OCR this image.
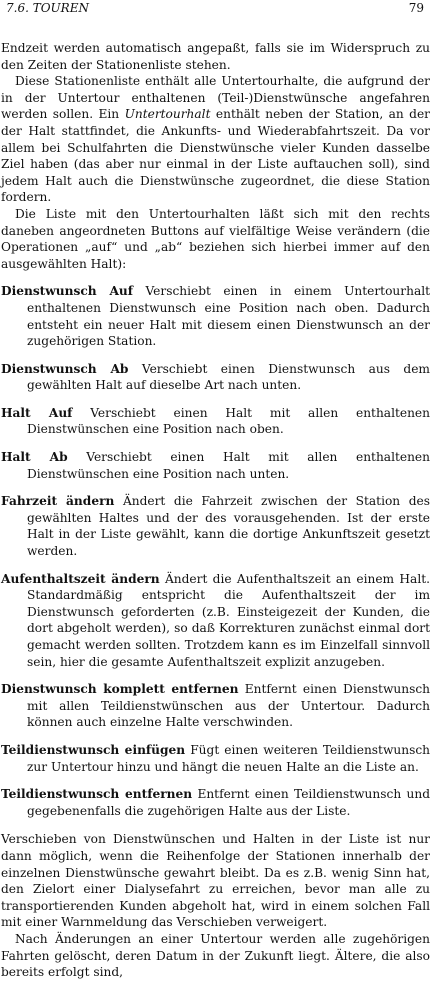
7.6. TOUREN	79

Endzeit werden automatisch angepaßt, falls sie im Widerspruch zu den Zeiten der Stationenliste stehen.

Diese Stationenliste enthält alle Untertourhalte, die aufgrund der in der Untertour enthaltenen (Teil-)Dienstwünsche angefahren werden sollen. Ein Untertourhalt enthält neben der Station, an der der Halt stattfindet, die Ankunfts- und Wiederabfahrtszeit. Da vor allem bei Schulfahrten die Dienstwünsche vieler Kunden dasselbe Ziel haben (das aber nur einmal in der Liste auftauchen soll), sind jedem Halt auch die Dienstwünsche zugeordnet, die diese Station fordern.

Die Liste mit den Untertourhalten läßt sich mit den rechts daneben angeordneten Buttons auf vielfältige Weise verändern (die Operationen „auf“ und „ab“ beziehen sich hierbei immer auf den ausgewählten Halt):

Dienstwunsch Auf Verschiebt einen in einem Untertourhalt enthaltenen Dienstwunsch eine Position nach oben. Dadurch entsteht ein neuer Halt mit diesem einen Dienstwunsch an der zugehörigen Station.

Dienstwunsch Ab Verschiebt einen Dienstwunsch aus dem gewählten Halt auf dieselbe Art nach unten.

Halt Auf Verschiebt einen Halt mit allen enthaltenen Dienstwünschen eine Position nach oben.

Halt Ab Verschiebt einen Halt mit allen enthaltenen Dienstwünschen eine Position nach unten.

Fahrzeit ändern Ändert die Fahrzeit zwischen der Station des gewählten Haltes und der des vorausgehenden. Ist der erste Halt in der Liste gewählt, kann die dortige Ankunftszeit gesetzt werden.

Aufenthaltszeit ändern Ändert die Aufenthaltszeit an einem Halt. Standardmäßig entspricht die Aufenthaltszeit der im Dienstwunsch geforderten (z.B. Einsteigezeit der Kunden, die dort abgeholt werden), so daß Korrekturen zunächst einmal dort gemacht werden sollten. Trotzdem kann es im Einzelfall sinnvoll sein, hier die gesamte Aufenthaltszeit explizit anzugeben.

Dienstwunsch komplett entfernen Entfernt einen Dienstwunsch mit allen Teildienstwünschen aus der Untertour. Dadurch können auch einzelne Halte verschwinden.

Teildienstwunsch einfügen Fügt einen weiteren Teildienstwunsch zur Untertour hinzu und hängt die neuen Halte an die Liste an.

Teildienstwunsch entfernen Entfernt einen Teildienstwunsch und gegebenenfalls die zugehörigen Halte aus der Liste.

Verschieben von Dienstwünschen und Halten in der Liste ist nur dann möglich, wenn die Reihenfolge der Stationen innerhalb der einzelnen Dienstwünsche gewahrt bleibt. Da es z.B. wenig Sinn hat, den Zielort einer Dialysefahrt zu erreichen, bevor man alle zu transportierenden Kunden abgeholt hat, wird in einem solchen Fall mit einer Warnmeldung das Verschieben verweigert.

Nach Änderungen an einer Untertour werden alle zugehörigen Fahrten gelöscht, deren Datum in der Zukunft liegt. Ältere, die also bereits erfolgt sind,
